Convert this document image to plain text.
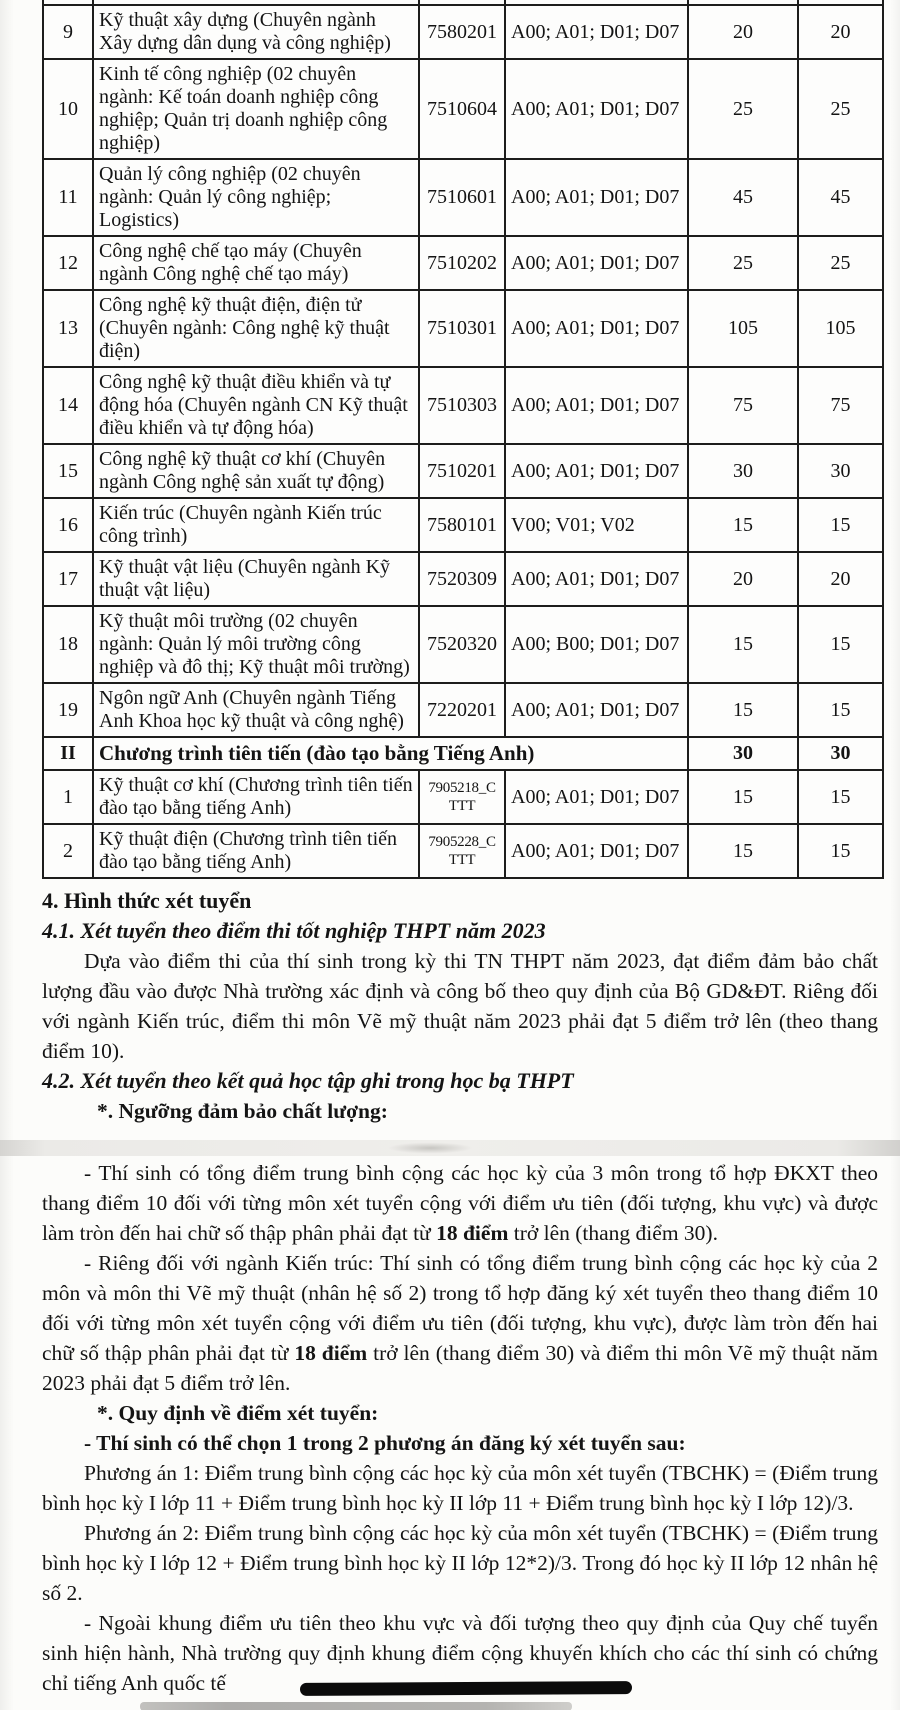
9	Kỹ thuật xây dựng (Chuyên ngành Xây dựng dân dụng và công nghiệp)	7580201	A00; A01; D01; D07	20	20
10	Kinh tế công nghiệp (02 chuyên ngành: Kế toán doanh nghiệp công nghiệp; Quản trị doanh nghiệp công nghiệp)	7510604	A00; A01; D01; D07	25	25
11	Quản lý công nghiệp (02 chuyên ngành: Quản lý công nghiệp; Logistics)	7510601	A00; A01; D01; D07	45	45
12	Công nghệ chế tạo máy (Chuyên ngành Công nghệ chế tạo máy)	7510202	A00; A01; D01; D07	25	25
13	Công nghệ kỹ thuật điện, điện tử (Chuyên ngành: Công nghệ kỹ thuật điện)	7510301	A00; A01; D01; D07	105	105
14	Công nghệ kỹ thuật điều khiển và tự động hóa (Chuyên ngành CN Kỹ thuật điều khiển và tự động hóa)	7510303	A00; A01; D01; D07	75	75
15	Công nghệ kỹ thuật cơ khí (Chuyên ngành Công nghệ sản xuất tự động)	7510201	A00; A01; D01; D07	30	30
16	Kiến trúc (Chuyên ngành Kiến trúc công trình)	7580101	V00; V01; V02	15	15
17	Kỹ thuật vật liệu (Chuyên ngành Kỹ thuật vật liệu)	7520309	A00; A01; D01; D07	20	20
18	Kỹ thuật môi trường (02 chuyên ngành: Quản lý môi trường công nghiệp và đô thị; Kỹ thuật môi trường)	7520320	A00; B00; D01; D07	15	15
19	Ngôn ngữ Anh (Chuyên ngành Tiếng Anh Khoa học kỹ thuật và công nghệ)	7220201	A00; A01; D01; D07	15	15
II	Chương trình tiên tiến (đào tạo bằng Tiếng Anh)			30	30
1	Kỹ thuật cơ khí (Chương trình tiên tiến đào tạo bằng tiếng Anh)	7905218_C TTT	A00; A01; D01; D07	15	15
2	Kỹ thuật điện (Chương trình tiên tiến đào tạo bằng tiếng Anh)	7905228_C TTT	A00; A01; D01; D07	15	15
4. Hình thức xét tuyển
4.1. Xét tuyển theo điểm thi tốt nghiệp THPT năm 2023
Dựa vào điểm thi của thí sinh trong kỳ thi TN THPT năm 2023, đạt điểm đảm bảo chất lượng đầu vào được Nhà trường xác định và công bố theo quy định của Bộ GD&ĐT. Riêng đối với ngành Kiến trúc, điểm thi môn Vẽ mỹ thuật năm 2023 phải đạt 5 điểm trở lên (theo thang điểm 10).
4.2. Xét tuyển theo kết quả học tập ghi trong học bạ THPT
*. Ngưỡng đảm bảo chất lượng:
- Thí sinh có tổng điểm trung bình cộng các học kỳ của 3 môn trong tổ hợp ĐKXT theo thang điểm 10 đối với từng môn xét tuyển cộng với điểm ưu tiên (đối tượng, khu vực) và được làm tròn đến hai chữ số thập phân phải đạt từ 18 điểm trở lên (thang điểm 30).
- Riêng đối với ngành Kiến trúc: Thí sinh có tổng điểm trung bình cộng các học kỳ của 2 môn và môn thi Vẽ mỹ thuật (nhân hệ số 2) trong tổ hợp đăng ký xét tuyển theo thang điểm 10 đối với từng môn xét tuyển cộng với điểm ưu tiên (đối tượng, khu vực), được làm tròn đến hai chữ số thập phân phải đạt từ 18 điểm trở lên (thang điểm 30) và điểm thi môn Vẽ mỹ thuật năm 2023 phải đạt 5 điểm trở lên.
*. Quy định về điểm xét tuyển:
- Thí sinh có thể chọn 1 trong 2 phương án đăng ký xét tuyển sau:
Phương án 1: Điểm trung bình cộng các học kỳ của môn xét tuyển (TBCHK) = (Điểm trung bình học kỳ I lớp 11 + Điểm trung bình học kỳ II lớp 11 + Điểm trung bình học kỳ I lớp 12)/3.
Phương án 2: Điểm trung bình cộng các học kỳ của môn xét tuyển (TBCHK) = (Điểm trung bình học kỳ I lớp 12 + Điểm trung bình học kỳ II lớp 12*2)/3. Trong đó học kỳ II lớp 12 nhân hệ số 2.
- Ngoài khung điểm ưu tiên theo khu vực và đối tượng theo quy định của Quy chế tuyển sinh hiện hành, Nhà trường quy định khung điểm cộng khuyến khích cho các thí sinh có chứng chỉ tiếng Anh quốc tế
